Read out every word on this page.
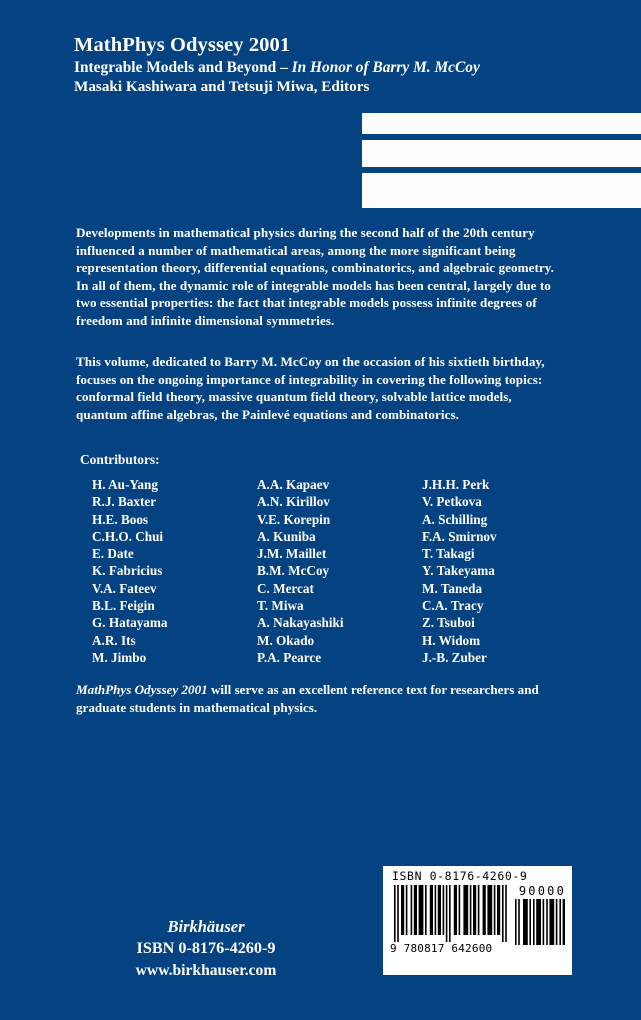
MathPhys Odyssey 2001
Integrable Models and Beyond – In Honor of Barry M. McCoy
Masaki Kashiwara and Tetsuji Miwa, Editors

Developments in mathematical physics during the second half of the 20th century influenced a number of mathematical areas, among the more significant being representation theory, differential equations, combinatorics, and algebraic geometry. In all of them, the dynamic role of integrable models has been central, largely due to two essential properties: the fact that integrable models possess infinite degrees of freedom and infinite dimensional symmetries.

This volume, dedicated to Barry M. McCoy on the occasion of his sixtieth birthday, focuses on the ongoing importance of integrability in covering the following topics: conformal field theory, massive quantum field theory, solvable lattice models, quantum affine algebras, the Painlevé equations and combinatorics.

Contributors:
H. Au-Yang
R.J. Baxter
H.E. Boos
C.H.O. Chui
E. Date
K. Fabricius
V.A. Fateev
B.L. Feigin
G. Hatayama
A.R. Its
M. Jimbo
A.A. Kapaev
A.N. Kirillov
V.E. Korepin
A. Kuniba
J.M. Maillet
B.M. McCoy
C. Mercat
T. Miwa
A. Nakayashiki
M. Okado
P.A. Pearce
J.H.H. Perk
V. Petkova
A. Schilling
F.A. Smirnov
T. Takagi
Y. Takeyama
M. Taneda
C.A. Tracy
Z. Tsuboi
H. Widom
J.-B. Zuber
MathPhys Odyssey 2001 will serve as an excellent reference text for researchers and graduate students in mathematical physics.
Birkhäuser
ISBN 0-8176-4260-9
www.birkhauser.com
ISBN 0-8176-4260-9
9 780817 642600
90000
